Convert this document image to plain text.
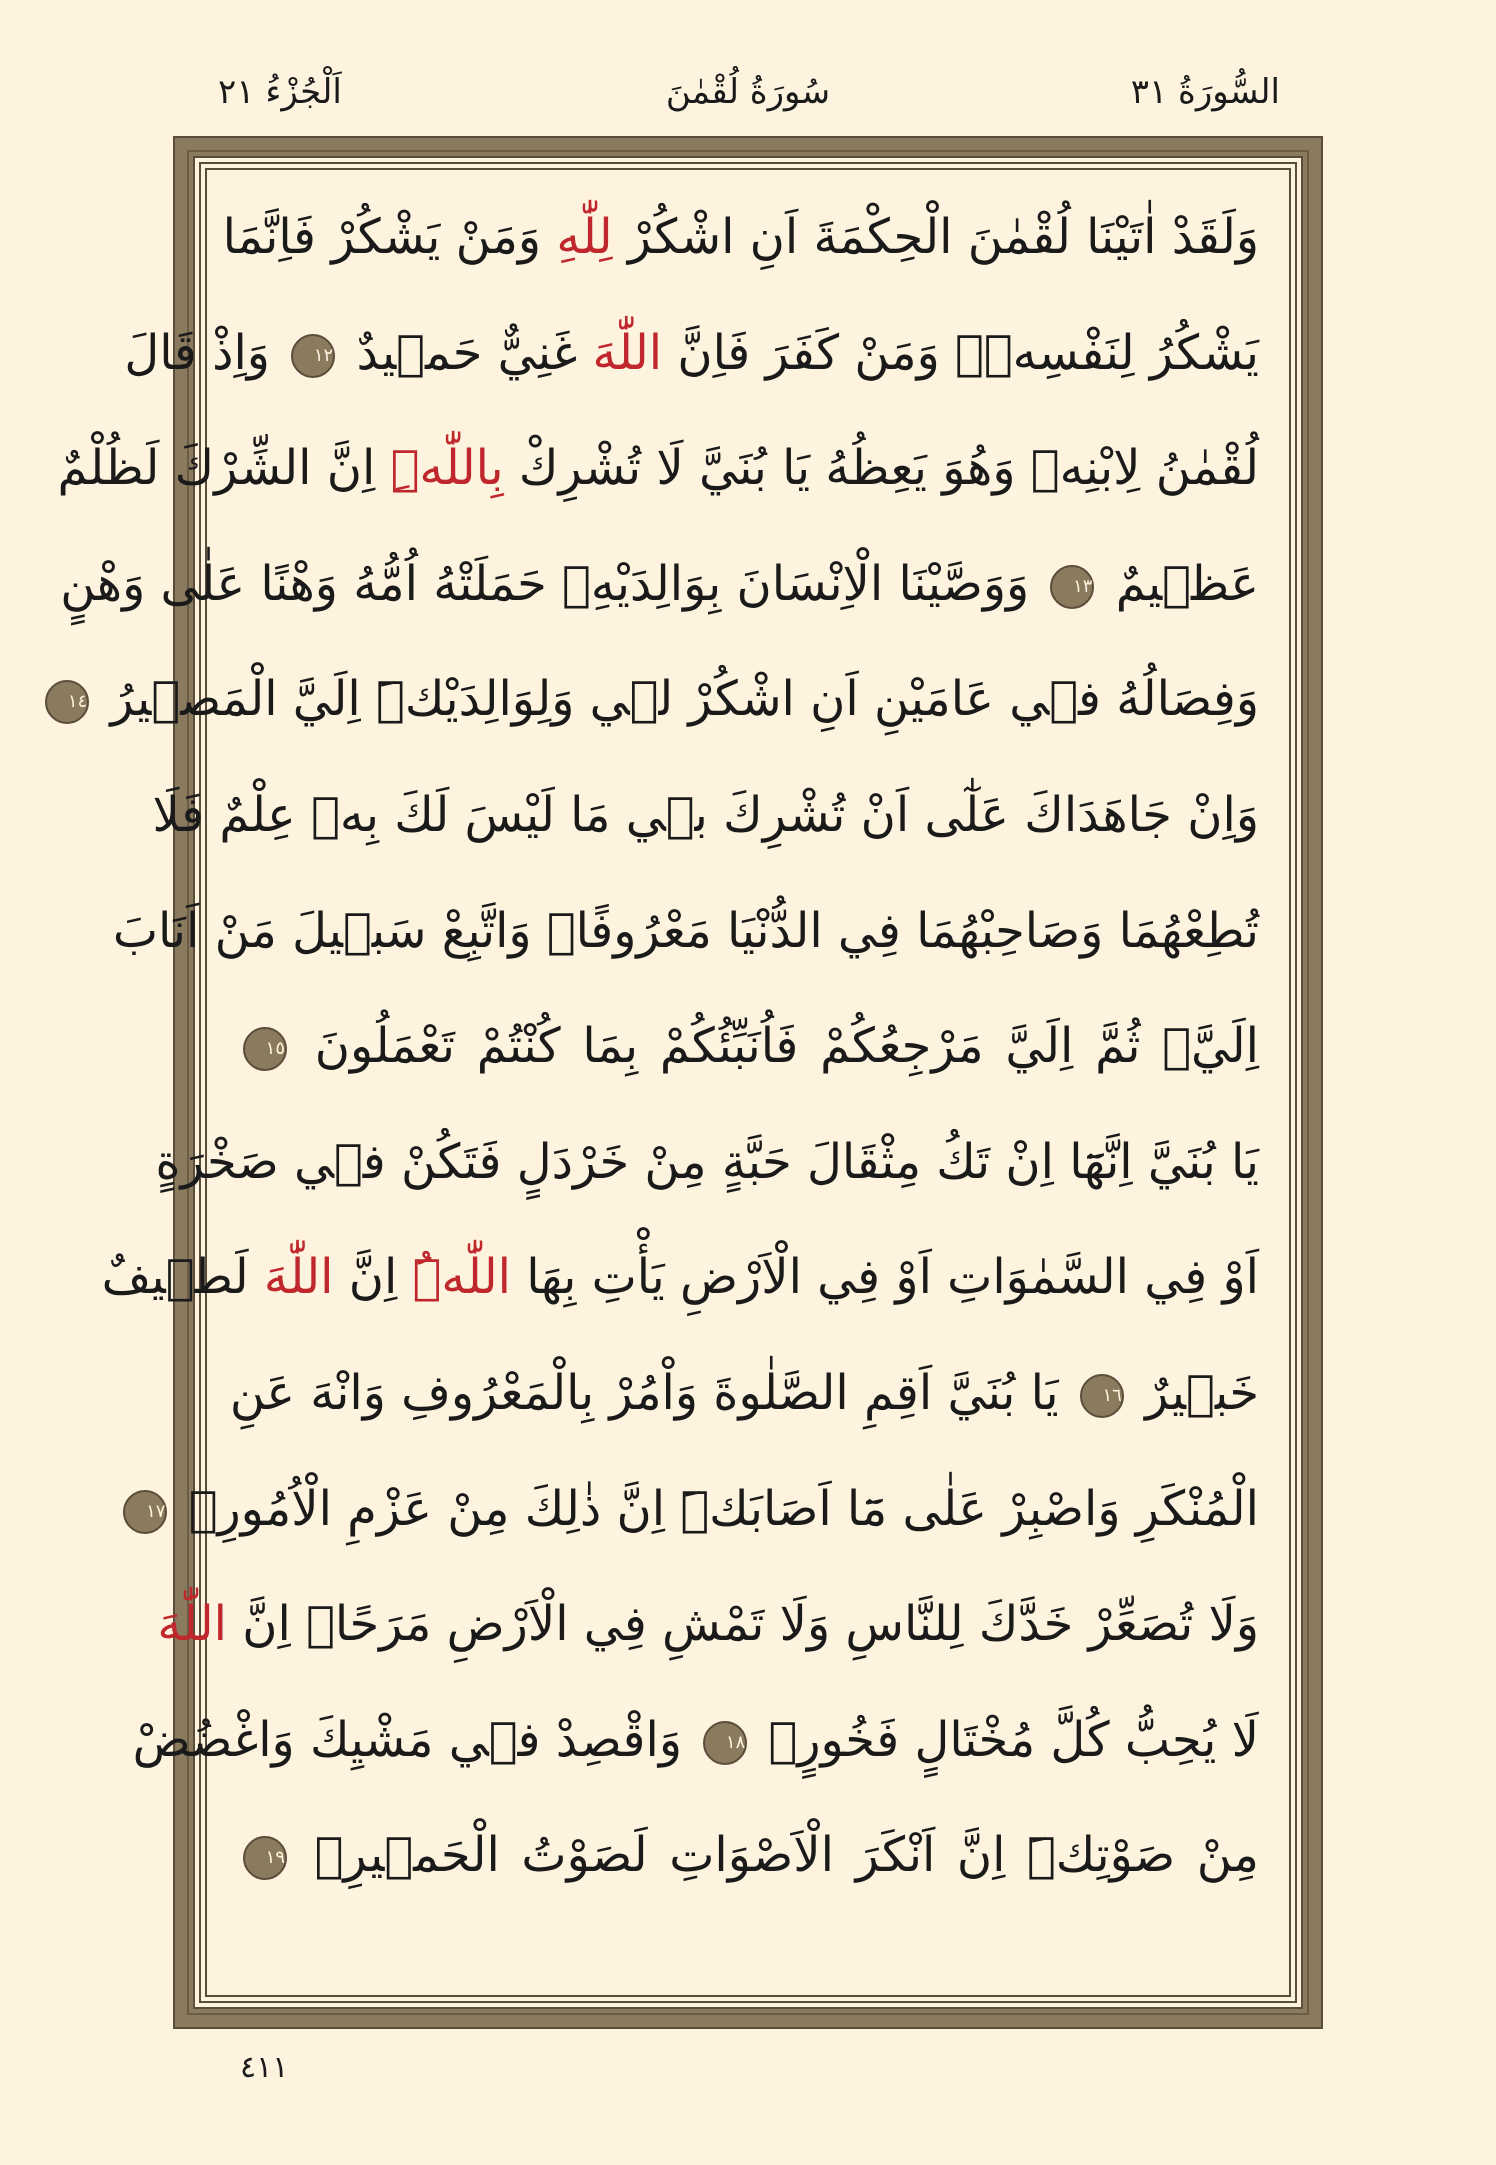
السُّورَةُ ٣١
سُورَةُ لُقْمٰنَ
اَلْجُزْءُ ٢١
وَلَقَدْ اٰتَيْنَا لُقْمٰنَ الْحِكْمَةَ اَنِ اشْكُرْ لِلّٰهِ وَمَنْ يَشْكُرْ فَاِنَّمَا
يَشْكُرُ لِنَفْسِه۪ۚ وَمَنْ كَفَرَ فَاِنَّ اللّٰهَ غَنِيٌّ حَم۪يدٌ ١٢ وَاِذْ قَالَ
لُقْمٰنُ لِابْنِه۪ وَهُوَ يَعِظُهُ يَا بُنَيَّ لَا تُشْرِكْ بِاللّٰهِۜ اِنَّ الشِّرْكَ لَظُلْمٌ
عَظ۪يمٌ ١٣ وَوَصَّيْنَا الْاِنْسَانَ بِوَالِدَيْهِۚ حَمَلَتْهُ اُمُّهُ وَهْنًا عَلٰى وَهْنٍ
وَفِصَالُهُ ف۪ي عَامَيْنِ اَنِ اشْكُرْ ل۪ي وَلِوَالِدَيْكَۜ اِلَيَّ الْمَص۪يرُ ١٤
وَاِنْ جَاهَدَاكَ عَلٰٓى اَنْ تُشْرِكَ ب۪ي مَا لَيْسَ لَكَ بِه۪ عِلْمٌ فَلَا
تُطِعْهُمَا وَصَاحِبْهُمَا فِي الدُّنْيَا مَعْرُوفًاۘ وَاتَّبِعْ سَب۪يلَ مَنْ اَنَابَ
اِلَيَّۚ ثُمَّ اِلَيَّ مَرْجِعُكُمْ فَاُنَبِّئُكُمْ بِمَا كُنْتُمْ تَعْمَلُونَ ١٥
يَا بُنَيَّ اِنَّهَٓا اِنْ تَكُ مِثْقَالَ حَبَّةٍ مِنْ خَرْدَلٍ فَتَكُنْ ف۪ي صَخْرَةٍ
اَوْ فِي السَّمٰوَاتِ اَوْ فِي الْاَرْضِ يَأْتِ بِهَا اللّٰهُۜ اِنَّ اللّٰهَ لَط۪يفٌ
خَب۪يرٌ ١٦ يَا بُنَيَّ اَقِمِ الصَّلٰوةَ وَاْمُرْ بِالْمَعْرُوفِ وَانْهَ عَنِ
الْمُنْكَرِ وَاصْبِرْ عَلٰى مَٓا اَصَابَكَۜ اِنَّ ذٰلِكَ مِنْ عَزْمِ الْاُمُورِۚ ١٧
وَلَا تُصَعِّرْ خَدَّكَ لِلنَّاسِ وَلَا تَمْشِ فِي الْاَرْضِ مَرَحًاۜ اِنَّ اللّٰهَ
لَا يُحِبُّ كُلَّ مُخْتَالٍ فَخُورٍۚ ١٨ وَاقْصِدْ ف۪ي مَشْيِكَ وَاغْضُضْ
مِنْ صَوْتِكَۜ اِنَّ اَنْكَرَ الْاَصْوَاتِ لَصَوْتُ الْحَم۪يرِ۟ ١٩
٤١١
